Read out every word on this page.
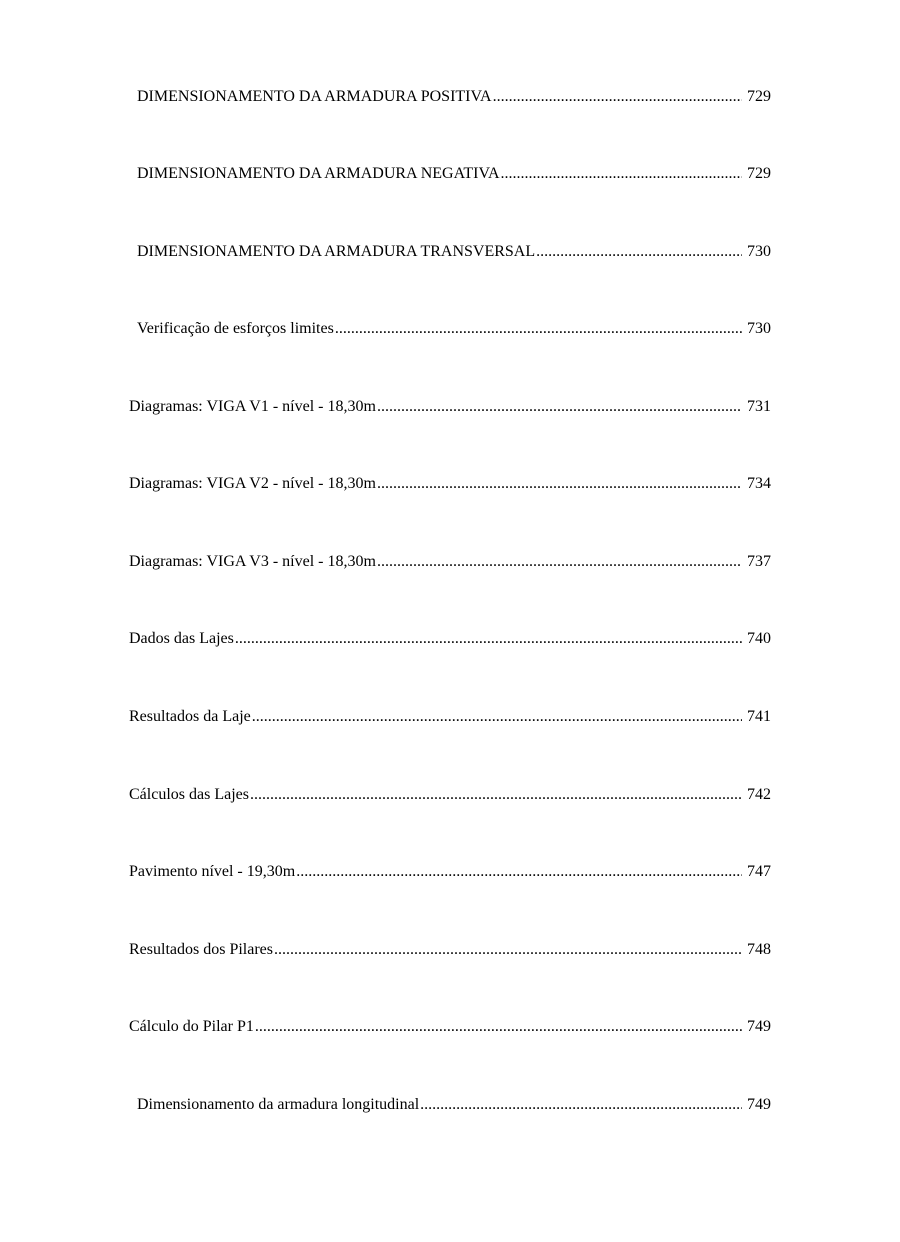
DIMENSIONAMENTO DA ARMADURA POSITIVA .....	729
DIMENSIONAMENTO DA ARMADURA NEGATIVA .....	729
DIMENSIONAMENTO DA ARMADURA TRANSVERSAL .....	730
Verificação de esforços limites .....	730
Diagramas: VIGA V1 - nível - 18,30m .....	731
Diagramas: VIGA V2 - nível - 18,30m .....	734
Diagramas: VIGA V3 - nível - 18,30m .....	737
Dados das Lajes .....	740
Resultados da Laje .....	741
Cálculos das Lajes .....	742
Pavimento nível - 19,30m .....	747
Resultados dos Pilares .....	748
Cálculo do Pilar P1 .....	749
Dimensionamento da armadura longitudinal .....	749
